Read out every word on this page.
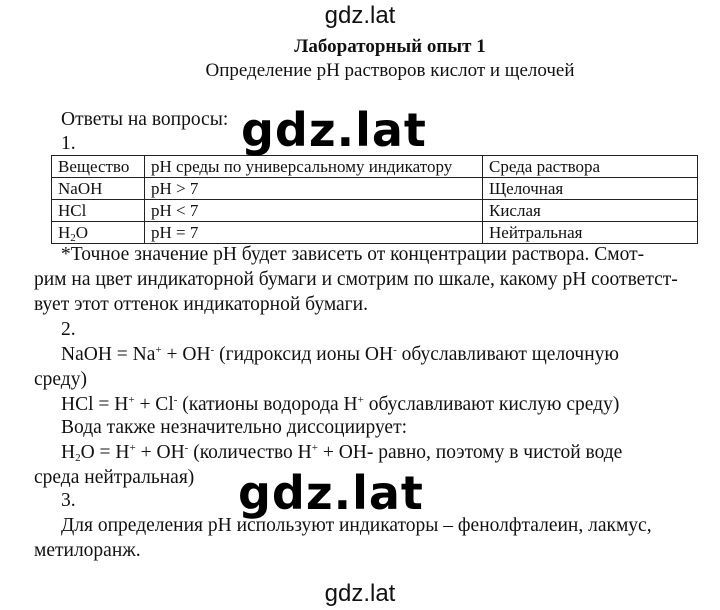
gdz.lat
Лабораторный опыт 1
Определение pH растворов кислот и щелочей
Ответы на вопросы:
1.
Вещество	pH среды по универсальному индикатору	Среда раствора
NaOH	pH > 7	Щелочная
HCl	pH < 7	Кислая
$H_2O$	pH = 7	Нейтральная
*Точное значение pH будет зависеть от концентрации раствора. Смот-
рим на цвет индикаторной бумаги и смотрим по шкале, какому pH соответст-
вует этот оттенок индикаторной бумаги.
2.
NaOH = Na+ + OH- (гидроксид ионы OH- обуславливают щелочную
среду)
HCl = H+ + Cl- (катионы водорода H+ обуславливают кислую среду)
Вода также незначительно диссоциирует:
$H_2O = H^+ + OH^-$ (количество H+ + OH- равно, поэтому в чистой воде
среда нейтральная)
3.
Для определения pH используют индикаторы – фенолфталеин, лакмус,
метилоранж.
gdz.lat
gdz.lat
gdz.lat
